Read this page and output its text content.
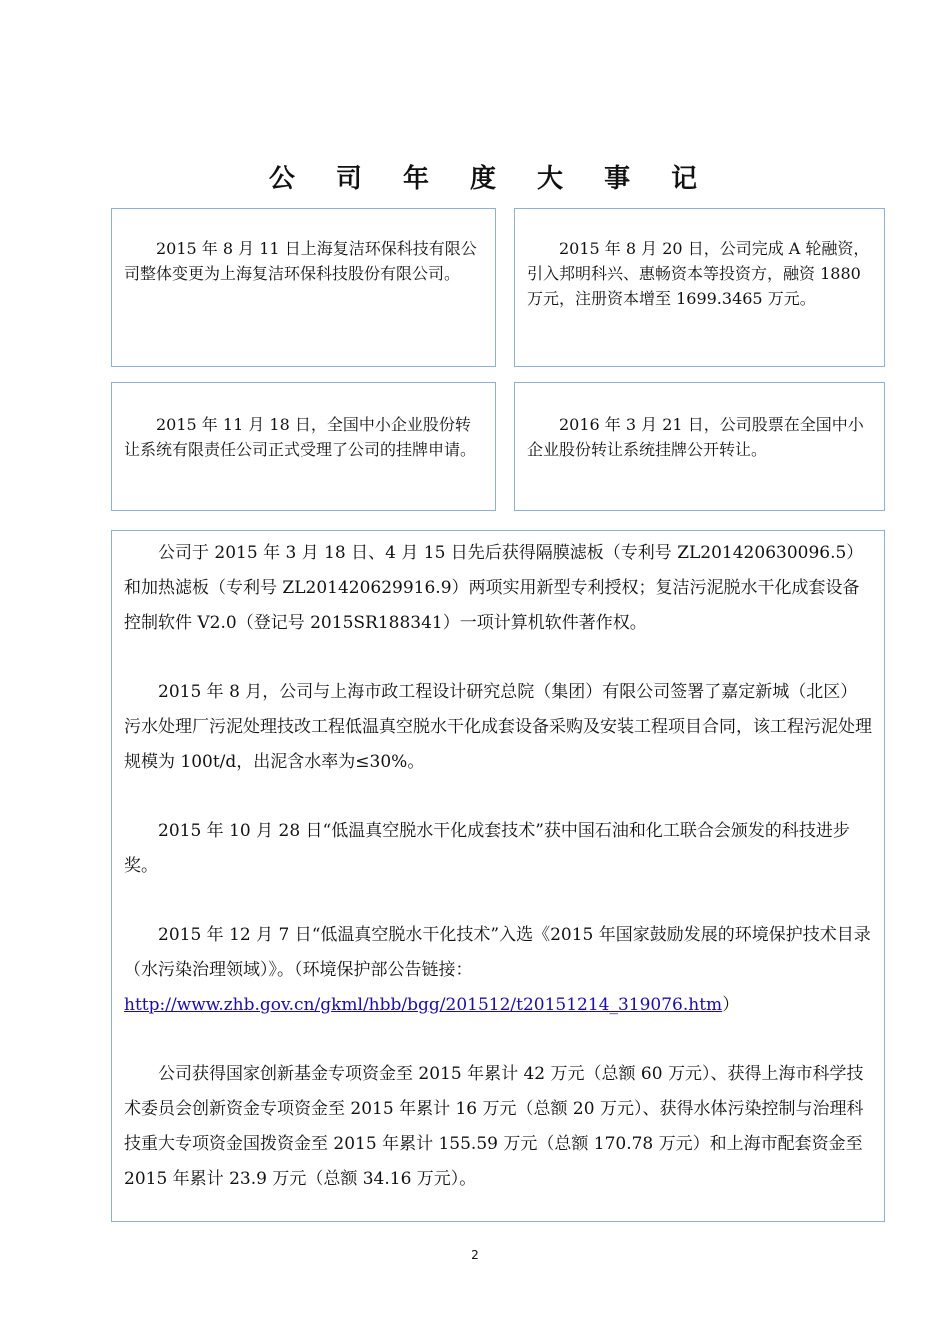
公 司 年 度 大 事 记

2015 年 8 月 11 日上海复洁环保科技有限公司整体变更为上海复洁环保科技股份有限公司。

2015 年 8 月 20 日，公司完成 A 轮融资，引入邦明科兴、惠畅资本等投资方，融资 1880 万元，注册资本增至 1699.3465 万元。

2015 年 11 月 18 日，全国中小企业股份转让系统有限责任公司正式受理了公司的挂牌申请。

2016 年 3 月 21 日，公司股票在全国中小企业股份转让系统挂牌公开转让。

公司于 2015 年 3 月 18 日、4 月 15 日先后获得隔膜滤板（专利号 ZL201420630096.5）和加热滤板（专利号 ZL201420629916.9）两项实用新型专利授权；复洁污泥脱水干化成套设备控制软件 V2.0（登记号 2015SR188341）一项计算机软件著作权。

2015 年 8 月，公司与上海市政工程设计研究总院（集团）有限公司签署了嘉定新城（北区）污水处理厂污泥处理技改工程低温真空脱水干化成套设备采购及安装工程项目合同，该工程污泥处理规模为 100t/d，出泥含水率为≤30%。

2015 年 10 月 28 日“低温真空脱水干化成套技术”获中国石油和化工联合会颁发的科技进步奖。

2015 年 12 月 7 日“低温真空脱水干化技术”入选《2015 年国家鼓励发展的环境保护技术目录（水污染治理领域）》。（环境保护部公告链接：http://www.zhb.gov.cn/gkml/hbb/bgg/201512/t20151214_319076.htm）

公司获得国家创新基金专项资金至 2015 年累计 42 万元（总额 60 万元）、获得上海市科学技术委员会创新资金专项资金至 2015 年累计 16 万元（总额 20 万元）、获得水体污染控制与治理科技重大专项资金国拨资金至 2015 年累计 155.59 万元（总额 170.78 万元）和上海市配套资金至 2015 年累计 23.9 万元（总额 34.16 万元）。

2
